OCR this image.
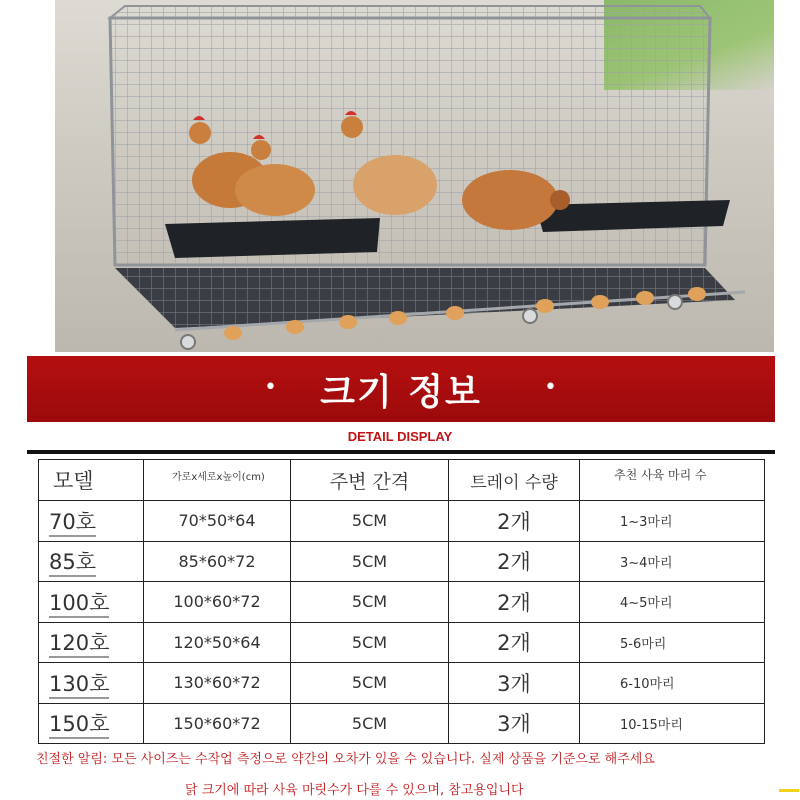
• 크기 정보	•
DETAIL DISPLAY
모델	가로x세로x높이(cm)	주변 간격	트레이 수량	추천 사육 마리 수
70호	70*50*64	5CM	2개	1~3마리
85호	85*60*72	5CM	2개	3~4마리
100호	100*60*72	5CM	2개	4~5마리
120호	120*50*64	5CM	2개	5-6마리
130호	130*60*72	5CM	3개	6-10마리
150호	150*60*72	5CM	3개	10-15마리
친절한 알림: 모든 사이즈는 수작업 측정으로 약간의 오차가 있을 수 있습니다. 실제 상품을 기준으로 해주세요
닭 크기에 따라 사육 마릿수가 다를 수 있으며, 참고용입니다
